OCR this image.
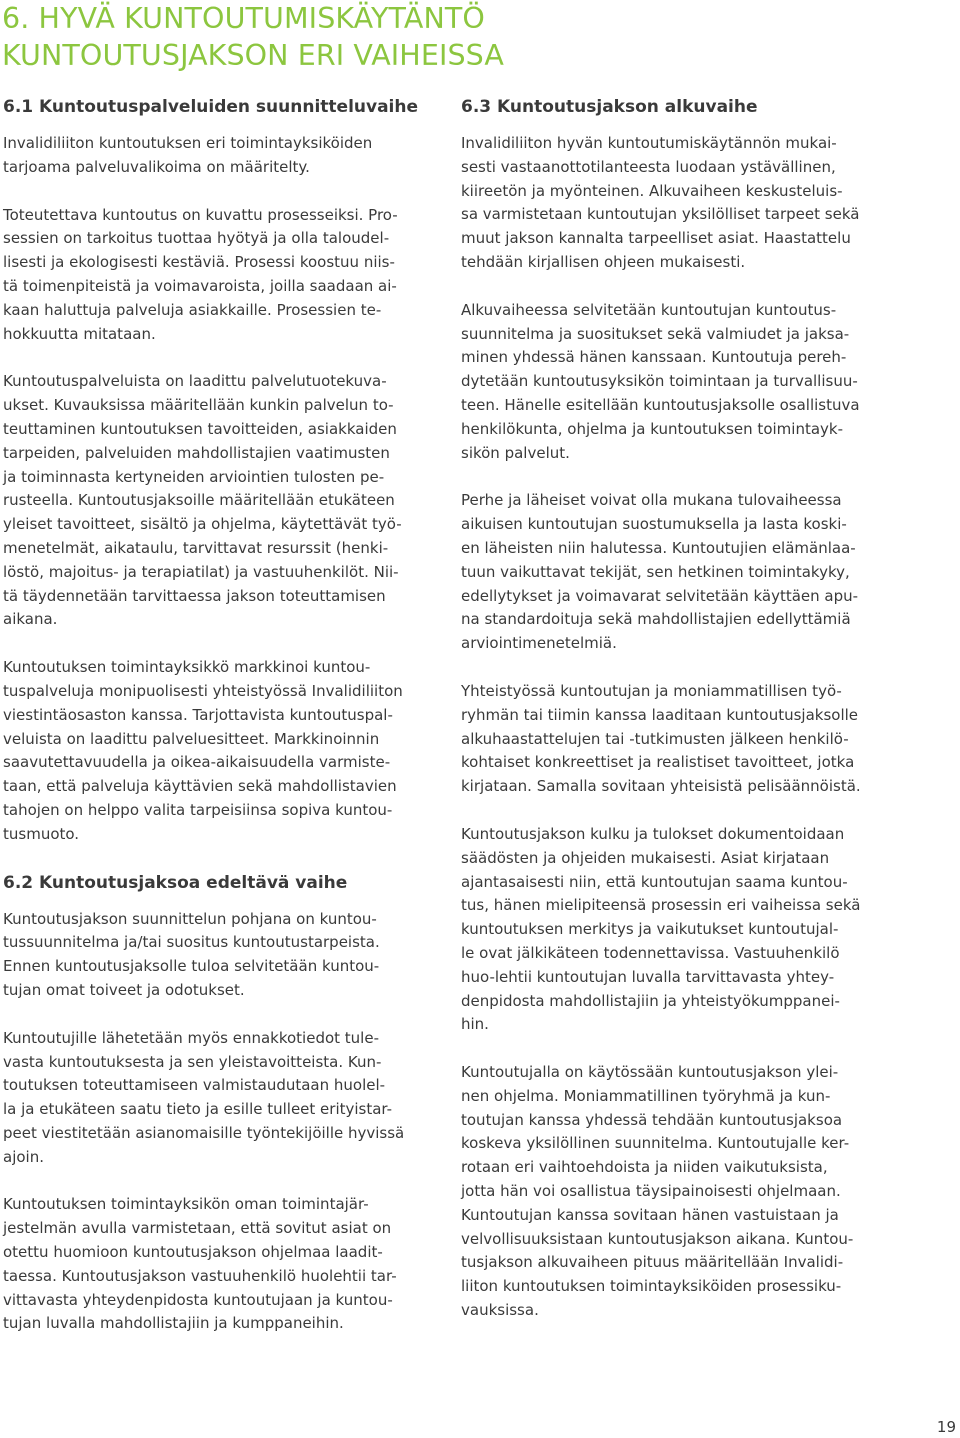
6. HYVÄ KUNTOUTUMISKÄYTÄNTÖ
KUNTOUTUSJAKSON ERI VAIHEISSA
6.1 Kuntoutuspalveluiden suunnitteluvaihe

Invalidiliiton kuntoutuksen eri toimintayksiköiden
tarjoama palveluvalikoima on määritelty.

Toteutettava kuntoutus on kuvattu prosesseiksi. Pro-
sessien on tarkoitus tuottaa hyötyä ja olla taloudel-
lisesti ja ekologisesti kestäviä. Prosessi koostuu niis-
tä toimenpiteistä ja voimavaroista, joilla saadaan ai-
kaan haluttuja palveluja asiakkaille. Prosessien te-
hokkuutta mitataan.

Kuntoutuspalveluista on laadittu palvelutuotekuva-
ukset. Kuvauksissa määritellään kunkin palvelun to-
teuttaminen kuntoutuksen tavoitteiden, asiakkaiden
tarpeiden, palveluiden mahdollistajien vaatimusten
ja toiminnasta kertyneiden arviointien tulosten pe-
rusteella. Kuntoutusjaksoille määritellään etukäteen
yleiset tavoitteet, sisältö ja ohjelma, käytettävät työ-
menetelmät, aikataulu, tarvittavat resurssit (henki-
löstö, majoitus- ja terapiatilat) ja vastuuhenkilöt. Nii-
tä täydennetään tarvittaessa jakson toteuttamisen
aikana.

Kuntoutuksen toimintayksikkö markkinoi kuntou-
tuspalveluja monipuolisesti yhteistyössä Invalidiliiton
viestintäosaston kanssa. Tarjottavista kuntoutuspal-
veluista on laadittu palveluesitteet. Markkinoinnin
saavutettavuudella ja oikea-aikaisuudella varmiste-
taan, että palveluja käyttävien sekä mahdollistavien
tahojen on helppo valita tarpeisiinsa sopiva kuntou-
tusmuoto.

6.2 Kuntoutusjaksoa edeltävä vaihe

Kuntoutusjakson suunnittelun pohjana on kuntou-
tussuunnitelma ja/tai suositus kuntoutustarpeista.
Ennen kuntoutusjaksolle tuloa selvitetään kuntou-
tujan omat toiveet ja odotukset.

Kuntoutujille lähetetään myös ennakkotiedot tule-
vasta kuntoutuksesta ja sen yleistavoitteista. Kun-
toutuksen toteuttamiseen valmistaudutaan huolel-
la ja etukäteen saatu tieto ja esille tulleet erityistar-
peet viestitetään asianomaisille työntekijöille hyvissä
ajoin.

Kuntoutuksen toimintayksikön oman toimintajär-
jestelmän avulla varmistetaan, että sovitut asiat on
otettu huomioon kuntoutusjakson ohjelmaa laadit-
taessa. Kuntoutusjakson vastuuhenkilö huolehtii tar-
vittavasta yhteydenpidosta kuntoutujaan ja kuntou-
tujan luvalla mahdollistajiin ja kumppaneihin.

6.3 Kuntoutusjakson alkuvaihe

Invalidiliiton hyvän kuntoutumiskäytännön mukai-
sesti vastaanottotilanteesta luodaan ystävällinen,
kiireetön ja myönteinen. Alkuvaiheen keskusteluis-
sa varmistetaan kuntoutujan yksilölliset tarpeet sekä
muut jakson kannalta tarpeelliset asiat. Haastattelu
tehdään kirjallisen ohjeen mukaisesti.

Alkuvaiheessa selvitetään kuntoutujan kuntoutus-
suunnitelma ja suositukset sekä valmiudet ja jaksa-
minen yhdessä hänen kanssaan. Kuntoutuja pereh-
dytetään kuntoutusyksikön toimintaan ja turvallisuu-
teen. Hänelle esitellään kuntoutusjaksolle osallistuva
henkilökunta, ohjelma ja kuntoutuksen toimintayk-
sikön palvelut.

Perhe ja läheiset voivat olla mukana tulovaiheessa
aikuisen kuntoutujan suostumuksella ja lasta koski-
en läheisten niin halutessa. Kuntoutujien elämänlaa-
tuun vaikuttavat tekijät, sen hetkinen toimintakyky,
edellytykset ja voimavarat selvitetään käyttäen apu-
na standardoituja sekä mahdollistajien edellyttämiä
arviointimenetelmiä.

Yhteistyössä kuntoutujan ja moniammatillisen työ-
ryhmän tai tiimin kanssa laaditaan kuntoutusjaksolle
alkuhaastattelujen tai -tutkimusten jälkeen henkilö-
kohtaiset konkreettiset ja realistiset tavoitteet, jotka
kirjataan. Samalla sovitaan yhteisistä pelisäännöistä.

Kuntoutusjakson kulku ja tulokset dokumentoidaan
säädösten ja ohjeiden mukaisesti. Asiat kirjataan
ajantasaisesti niin, että kuntoutujan saama kuntou-
tus, hänen mielipiteensä prosessin eri vaiheissa sekä
kuntoutuksen merkitys ja vaikutukset kuntoutujal-
le ovat jälkikäteen todennettavissa. Vastuuhenkilö
huo-lehtii kuntoutujan luvalla tarvittavasta yhtey-
denpidosta mahdollistajiin ja yhteistyökumppanei-
hin.

Kuntoutujalla on käytössään kuntoutusjakson ylei-
nen ohjelma. Moniammatillinen työryhmä ja kun-
toutujan kanssa yhdessä tehdään kuntoutusjaksoa
koskeva yksilöllinen suunnitelma. Kuntoutujalle ker-
rotaan eri vaihtoehdoista ja niiden vaikutuksista,
jotta hän voi osallistua täysipainoisesti ohjelmaan.
Kuntoutujan kanssa sovitaan hänen vastuistaan ja
velvollisuuksistaan kuntoutusjakson aikana. Kuntou-
tusjakson alkuvaiheen pituus määritellään Invalidi-
liiton kuntoutuksen toimintayksiköiden prosessiku-
vauksissa.

19
